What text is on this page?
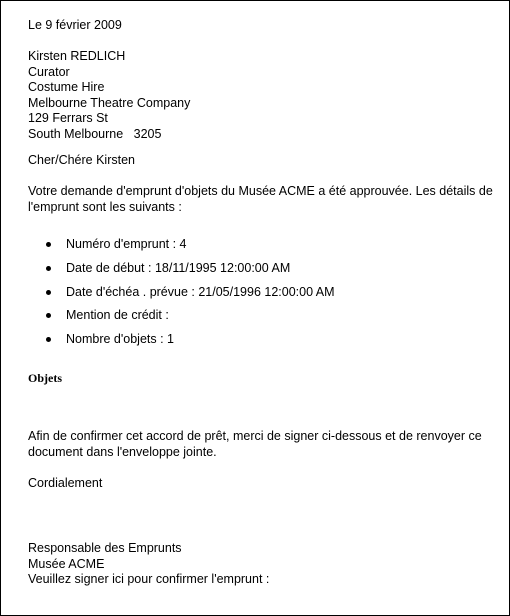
Le 9 février 2009
Kirsten REDLICH
Curator
Costume Hire
Melbourne Theatre Company
129 Ferrars St
South Melbourne   3205
Cher/Chére Kirsten
Votre demande d'emprunt d'objets du Musée ACME a été approuvée. Les détails de l'emprunt sont les suivants :
Numéro d'emprunt : 4
Date de début : 18/11/1995 12:00:00 AM
Date d'échéa . prévue : 21/05/1996 12:00:00 AM
Mention de crédit :
Nombre d'objets : 1
Objets
Afin de confirmer cet accord de prêt, merci de signer ci-dessous et de renvoyer ce document dans l'enveloppe jointe.
Cordialement
Responsable des Emprunts
Musée ACME
Veuillez signer ici pour confirmer l'emprunt :
